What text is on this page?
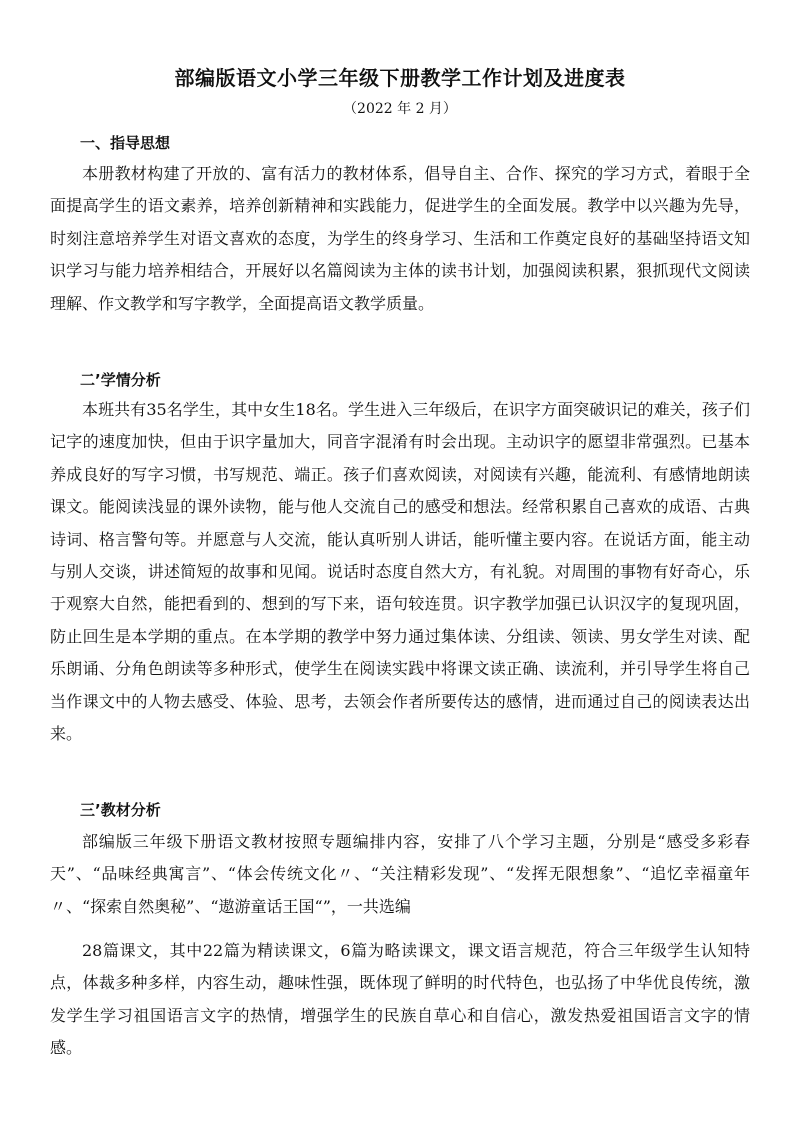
部编版语文小学三年级下册教学工作计划及进度表
（2022 年 2 月）
一、指导思想
本册教材构建了开放的、富有活力的教材体系，倡导自主、合作、探究的学习方式，着眼于全面提高学生的语文素养，培养创新精神和实践能力，促进学生的全面发展。教学中以兴趣为先导，时刻注意培养学生对语文喜欢的态度，为学生的终身学习、生活和工作奠定良好的基础坚持语文知识学习与能力培养相结合，开展好以名篇阅读为主体的读书计划，加强阅读积累，狠抓现代文阅读理解、作文教学和写字教学，全面提高语文教学质量。
二’学情分析
本班共有35名学生，其中女生18名。学生进入三年级后，在识字方面突破识记的难关，孩子们记字的速度加快，但由于识字量加大，同音字混淆有时会出现。主动识字的愿望非常强烈。已基本养成良好的写字习惯，书写规范、端正。孩子们喜欢阅读，对阅读有兴趣，能流利、有感情地朗读课文。能阅读浅显的课外读物，能与他人交流自己的感受和想法。经常积累自己喜欢的成语、古典诗词、格言警句等。并愿意与人交流，能认真听别人讲话，能听懂主要内容。在说话方面，能主动与别人交谈，讲述简短的故事和见闻。说话时态度自然大方，有礼貌。对周围的事物有好奇心，乐于观察大自然，能把看到的、想到的写下来，语句较连贯。识字教学加强已认识汉字的复现巩固，防止回生是本学期的重点。在本学期的教学中努力通过集体读、分组读、领读、男女学生对读、配乐朗诵、分角色朗读等多种形式，使学生在阅读实践中将课文读正确、读流利，并引导学生将自己当作课文中的人物去感受、体验、思考，去领会作者所要传达的感情，进而通过自己的阅读表达出来。
三’教材分析
部编版三年级下册语文教材按照专题编排内容，安排了八个学习主题，分别是“感受多彩春天”、“品味经典寓言”、“体会传统文化〃、“关注精彩发现”、“发挥无限想象”、“追忆幸福童年〃、“探索自然奥秘”、“遨游童话王国“”，一共选编
28篇课文，其中22篇为精读课文，6篇为略读课文，课文语言规范，符合三年级学生认知特点，体裁多种多样，内容生动，趣味性强，既体现了鲜明的时代特色，也弘扬了中华优良传统，激发学生学习祖国语言文字的热情，增强学生的民族自草心和自信心，激发热爱祖国语言文字的情感。
